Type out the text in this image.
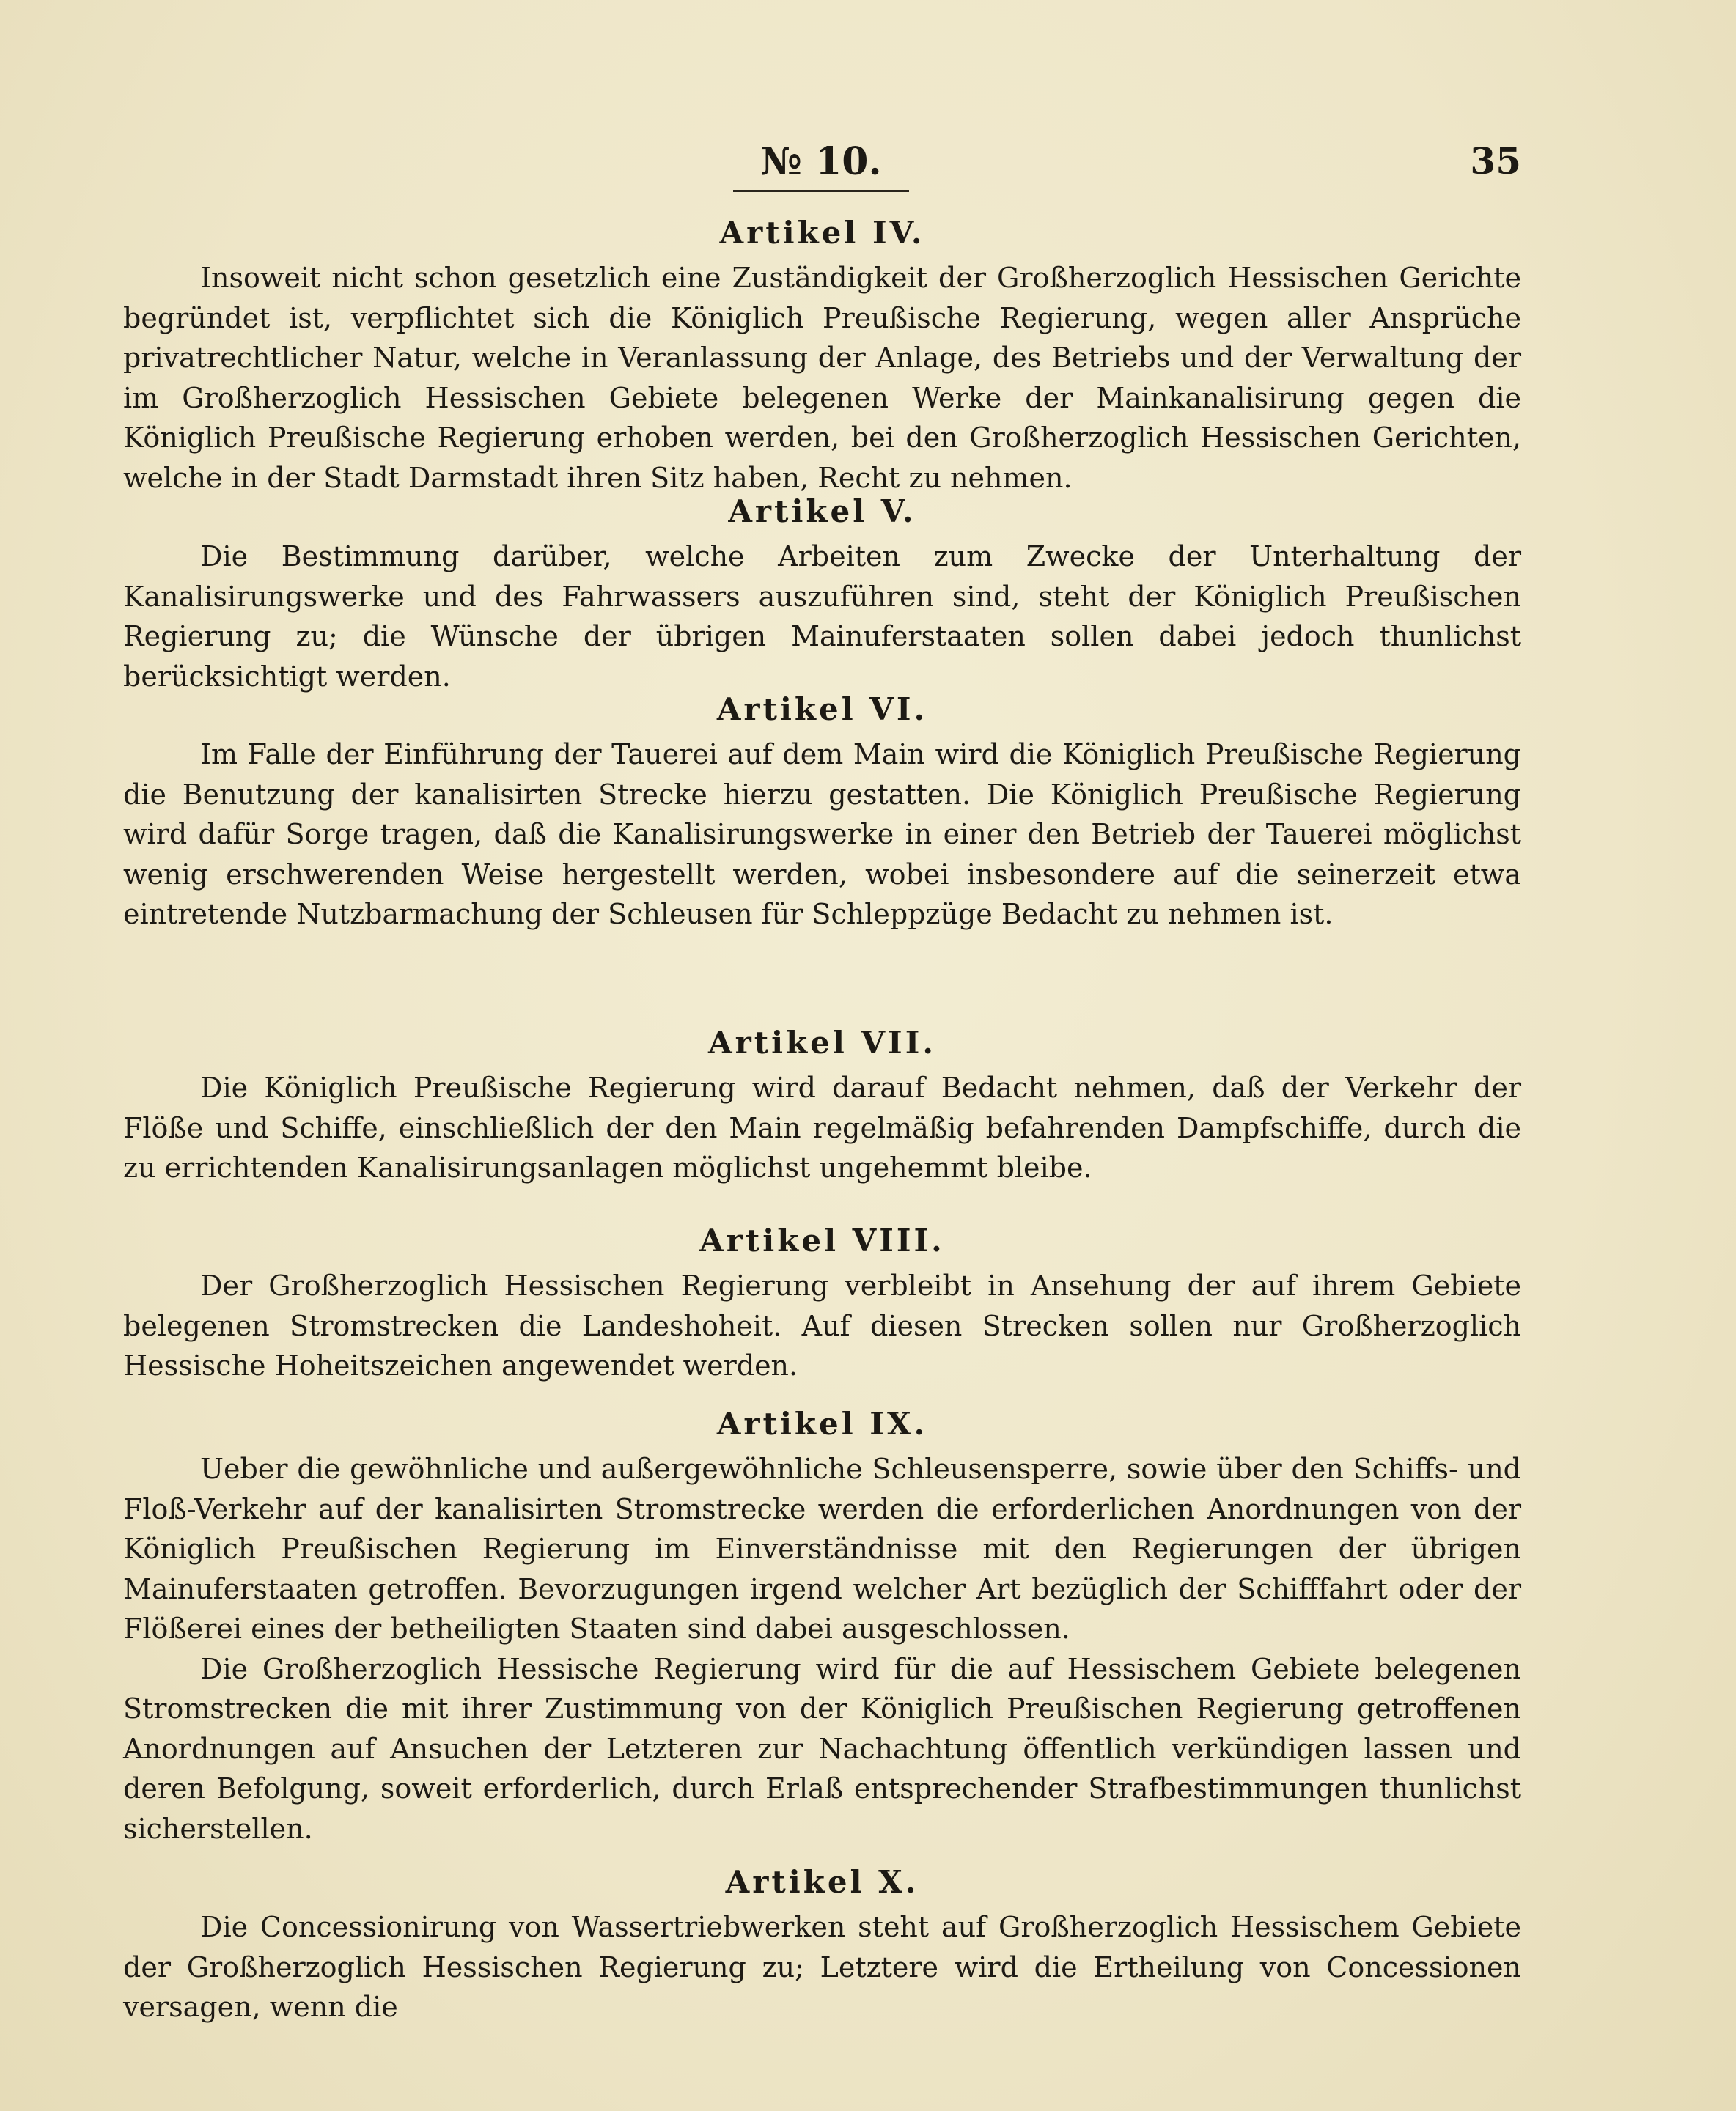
№ 10.	35
Artikel IV.

Insoweit nicht schon gesetzlich eine Zuständigkeit der Großherzoglich Hessischen Gerichte begründet ist, verpflichtet sich die Königlich Preußische Regierung, wegen aller Ansprüche privatrechtlicher Natur, welche in Veranlassung der Anlage, des Betriebs und der Verwaltung der im Großherzoglich Hessischen Gebiete belegenen Werke der Mainkanalisirung gegen die Königlich Preußische Regierung erhoben werden, bei den Großherzoglich Hessischen Gerichten, welche in der Stadt Darmstadt ihren Sitz haben, Recht zu nehmen.

Artikel V.

Die Bestimmung darüber, welche Arbeiten zum Zwecke der Unterhaltung der Kanalisirungswerke und des Fahrwassers auszuführen sind, steht der Königlich Preußischen Regierung zu; die Wünsche der übrigen Mainuferstaaten sollen dabei jedoch thunlichst berücksichtigt werden.

Artikel VI.

Im Falle der Einführung der Tauerei auf dem Main wird die Königlich Preußische Regierung die Benutzung der kanalisirten Strecke hierzu gestatten. Die Königlich Preußische Regierung wird dafür Sorge tragen, daß die Kanalisirungswerke in einer den Betrieb der Tauerei möglichst wenig erschwerenden Weise hergestellt werden, wobei insbesondere auf die seinerzeit etwa eintretende Nutzbarmachung der Schleusen für Schleppzüge Bedacht zu nehmen ist.

Artikel VII.

Die Königlich Preußische Regierung wird darauf Bedacht nehmen, daß der Verkehr der Flöße und Schiffe, einschließlich der den Main regelmäßig befahrenden Dampfschiffe, durch die zu errichtenden Kanalisirungsanlagen möglichst ungehemmt bleibe.

Artikel VIII.

Der Großherzoglich Hessischen Regierung verbleibt in Ansehung der auf ihrem Gebiete belegenen Stromstrecken die Landeshoheit. Auf diesen Strecken sollen nur Großherzoglich Hessische Hoheitszeichen angewendet werden.

Artikel IX.

Ueber die gewöhnliche und außergewöhnliche Schleusensperre, sowie über den Schiffs- und Floß-Verkehr auf der kanalisirten Stromstrecke werden die erforderlichen Anordnungen von der Königlich Preußischen Regierung im Einverständnisse mit den Regierungen der übrigen Mainuferstaaten getroffen. Bevorzugungen irgend welcher Art bezüglich der Schifffahrt oder der Flößerei eines der betheiligten Staaten sind dabei ausgeschlossen.

Die Großherzoglich Hessische Regierung wird für die auf Hessischem Gebiete belegenen Stromstrecken die mit ihrer Zustimmung von der Königlich Preußischen Regierung getroffenen Anordnungen auf Ansuchen der Letzteren zur Nachachtung öffentlich verkündigen lassen und deren Befolgung, soweit erforderlich, durch Erlaß entsprechender Strafbestimmungen thunlichst sicherstellen.

Artikel X.

Die Concessionirung von Wassertriebwerken steht auf Großherzoglich Hessischem Gebiete der Großherzoglich Hessischen Regierung zu; Letztere wird die Ertheilung von Concessionen versagen, wenn die
